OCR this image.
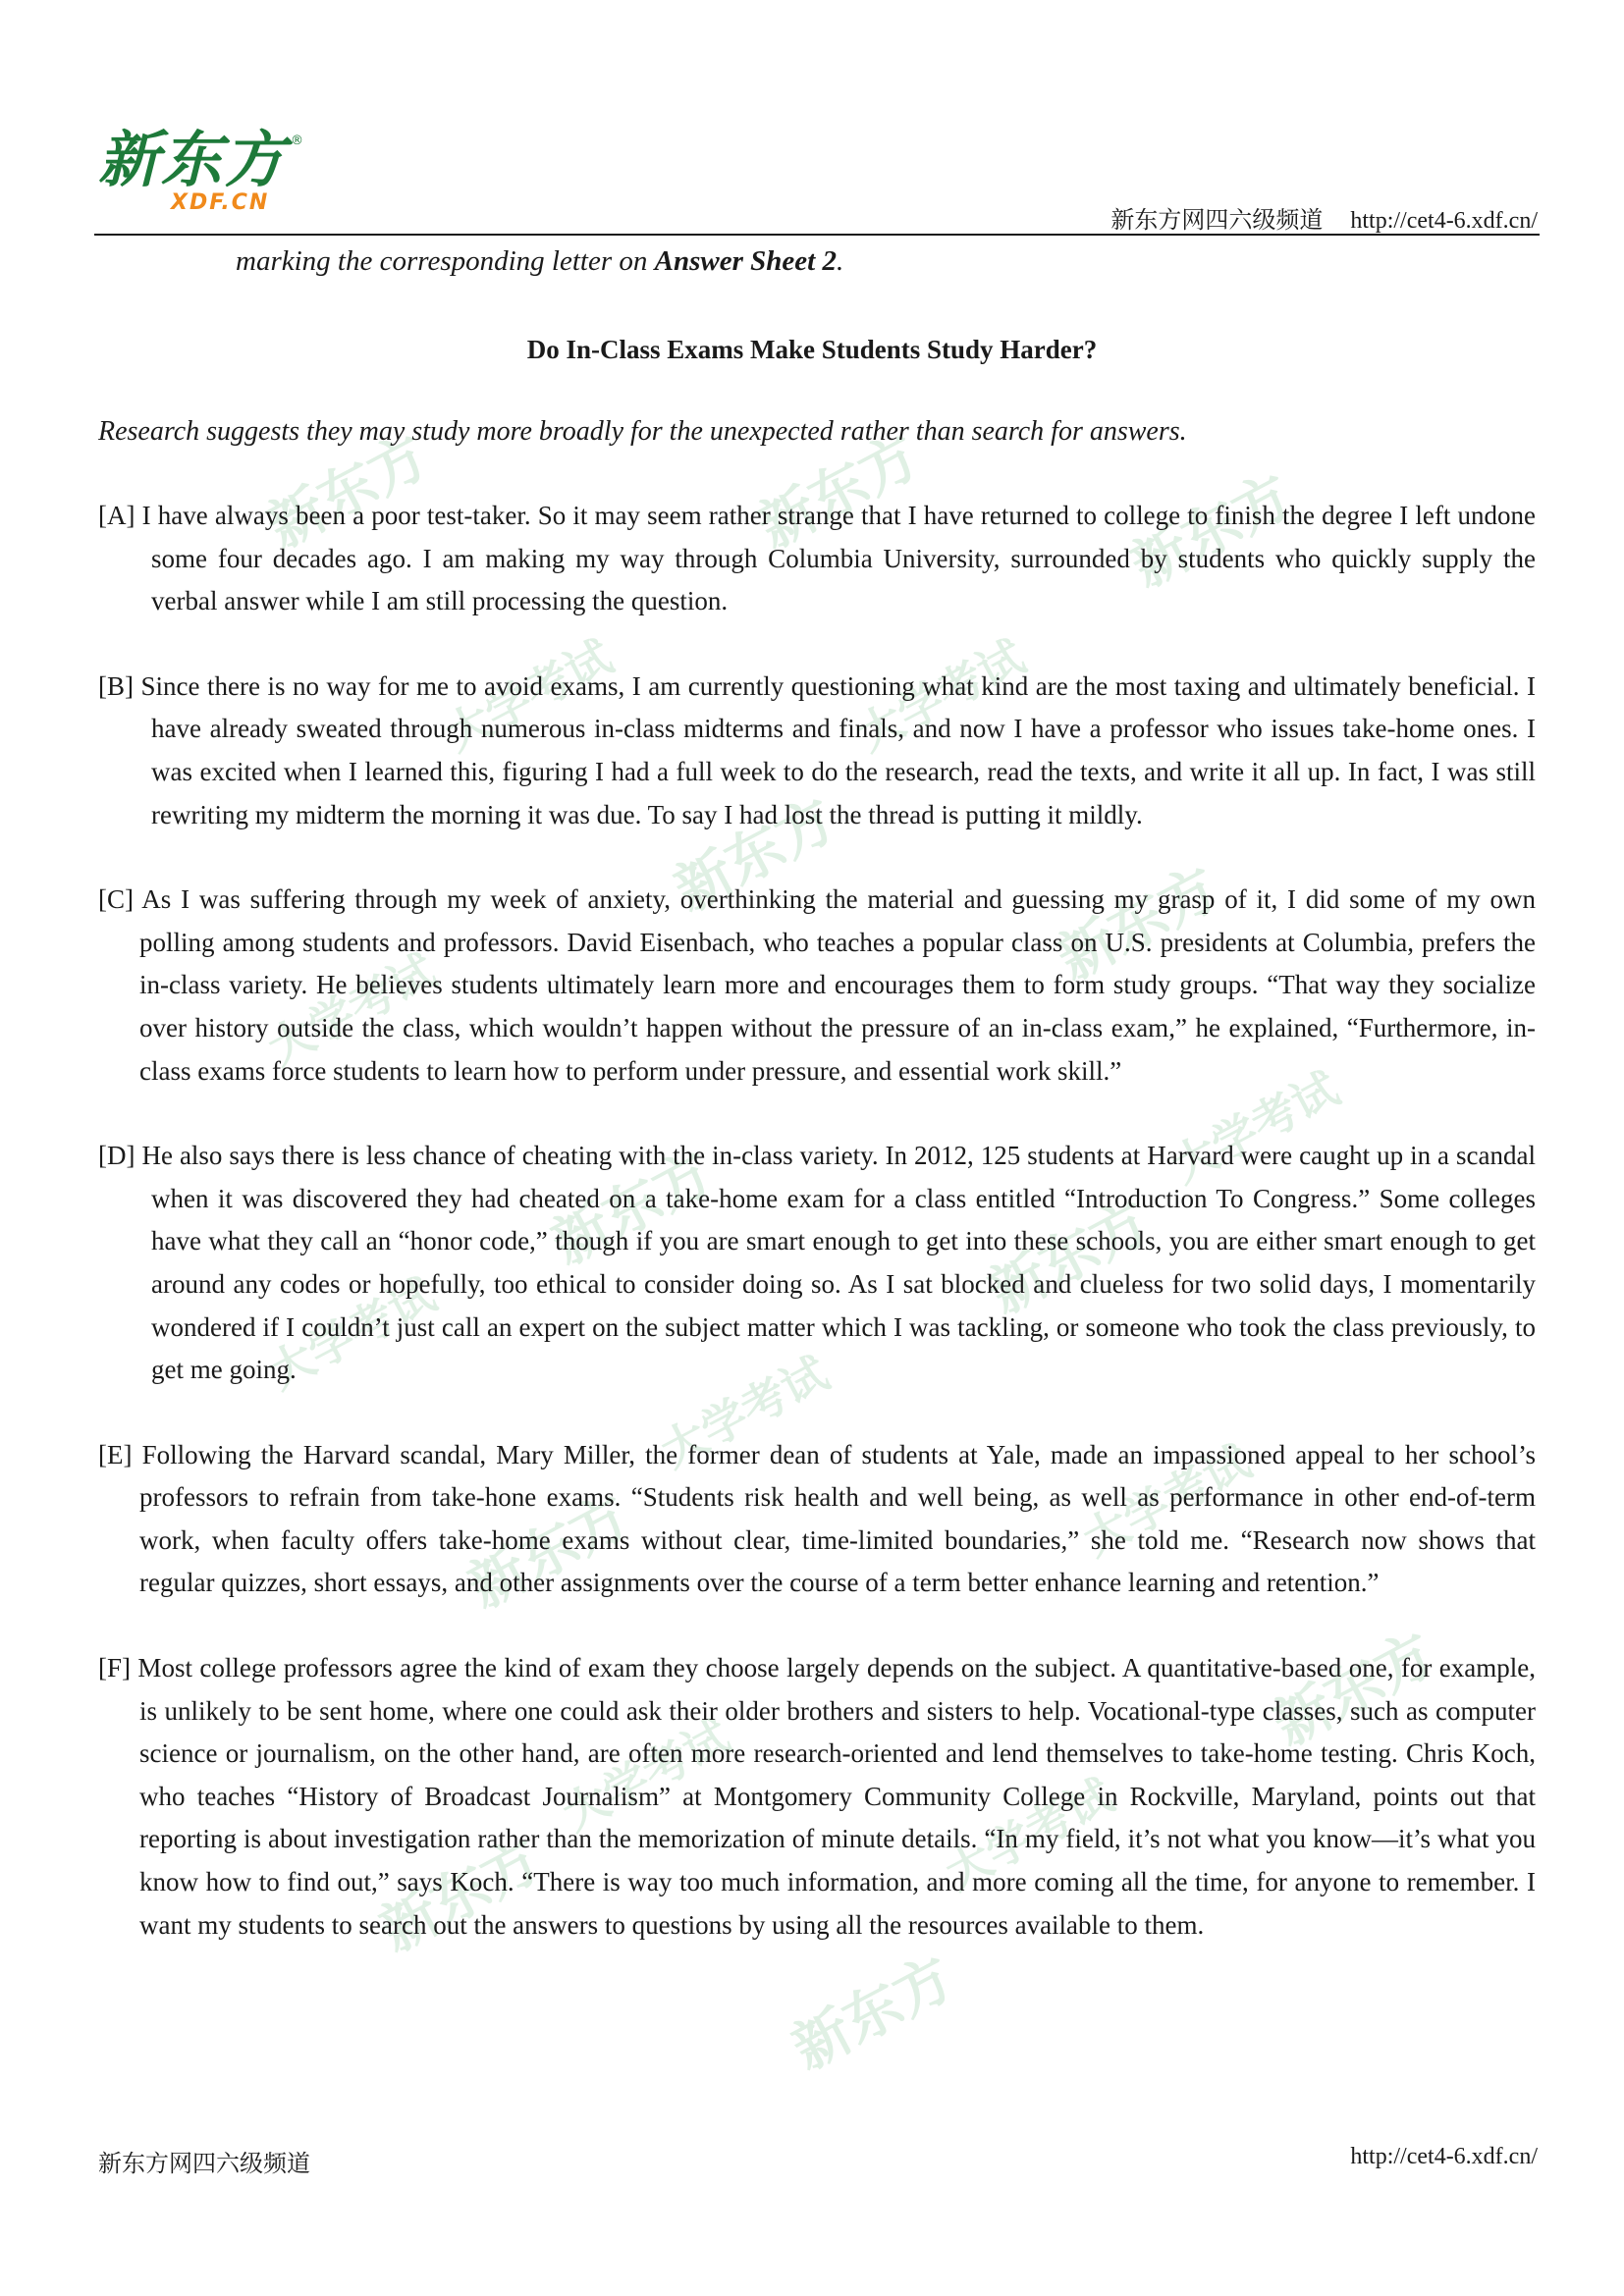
新东方	新东方	新东方
大学考试	大学考试
新东方	新东方
大学考试
大学考试
新东方	新东方
大学考试
大学考试
大学考试
新东方
新东方
大学考试
新东方	大学考试
新东方
新东方 ®
XDF.CN
新东方网四六级频道 http://cet4-6.xdf.cn/
marking the corresponding letter on Answer Sheet 2.
Do In-Class Exams Make Students Study Harder?
Research suggests they may study more broadly for the unexpected rather than search for answers.

[A] I have always been a poor test-taker. So it may seem rather strange that I have returned to college to finish the degree I left undone some four decades ago. I am making my way through Columbia University, surrounded by students who quickly supply the verbal answer while I am still processing the question.

[B] Since there is no way for me to avoid exams, I am currently questioning what kind are the most taxing and ultimately beneficial. I have already sweated through numerous in-class midterms and finals, and now I have a professor who issues take-home ones. I was excited when I learned this, figuring I had a full week to do the research, read the texts, and write it all up. In fact, I was still rewriting my midterm the morning it was due. To say I had lost the thread is putting it mildly.

[C] As I was suffering through my week of anxiety, overthinking the material and guessing my grasp of it, I did some of my own polling among students and professors. David Eisenbach, who teaches a popular class on U.S. presidents at Columbia, prefers the in-class variety. He believes students ultimately learn more and encourages them to form study groups. “That way they socialize over history outside the class, which wouldn’t happen without the pressure of an in-class exam,” he explained, “Furthermore, in-class exams force students to learn how to perform under pressure, and essential work skill.”

[D] He also says there is less chance of cheating with the in-class variety. In 2012, 125 students at Harvard were caught up in a scandal when it was discovered they had cheated on a take-home exam for a class entitled “Introduction To Congress.” Some colleges have what they call an “honor code,” though if you are smart enough to get into these schools, you are either smart enough to get around any codes or hopefully, too ethical to consider doing so. As I sat blocked and clueless for two solid days, I momentarily wondered if I couldn’t just call an expert on the subject matter which I was tackling, or someone who took the class previously, to get me going.

[E] Following the Harvard scandal, Mary Miller, the former dean of students at Yale, made an impassioned appeal to her school’s professors to refrain from take-hone exams. “Students risk health and well being, as well as performance in other end-of-term work, when faculty offers take-home exams without clear, time-limited boundaries,” she told me. “Research now shows that regular quizzes, short essays, and other assignments over the course of a term better enhance learning and retention.”

[F] Most college professors agree the kind of exam they choose largely depends on the subject. A quantitative-based one, for example, is unlikely to be sent home, where one could ask their older brothers and sisters to help. Vocational-type classes, such as computer science or journalism, on the other hand, are often more research-oriented and lend themselves to take-home testing. Chris Koch, who teaches “History of Broadcast Journalism” at Montgomery Community College in Rockville, Maryland, points out that reporting is about investigation rather than the memorization of minute details. “In my field, it’s not what you know—it’s what you know how to find out,” says Koch. “There is way too much information, and more coming all the time, for anyone to remember. I want my students to search out the answers to questions by using all the resources available to them.

新东方网四六级频道	http://cet4-6.xdf.cn/
